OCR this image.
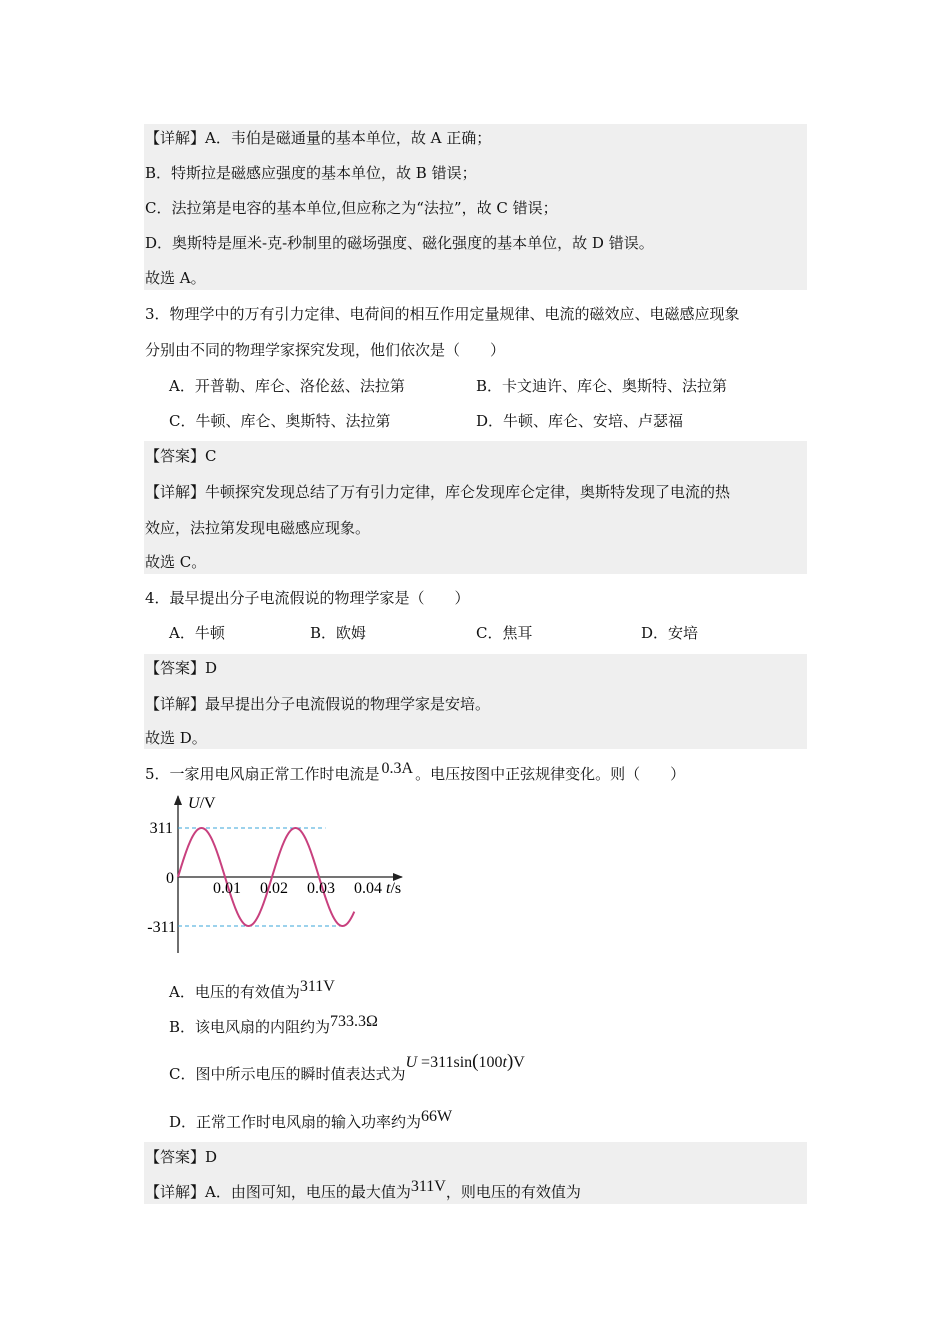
【详解】A．韦伯是磁通量的基本单位，故 A 正确；
B．特斯拉是磁感应强度的基本单位，故 B 错误；
C．法拉第是电容的基本单位,但应称之为“法拉”，故 C 错误；
D．奥斯特是厘米-克-秒制里的磁场强度、磁化强度的基本单位，故 D 错误。
故选 A。
3．物理学中的万有引力定律、电荷间的相互作用定量规律、电流的磁效应、电磁感应现象
分别由不同的物理学家探究发现，他们依次是（　　）
A．开普勒、库仑、洛伦兹、法拉第	B．卡文迪许、库仑、奥斯特、法拉第
C．牛顿、库仑、奥斯特、法拉第	D．牛顿、库仑、安培、卢瑟福
【答案】C
【详解】牛顿探究发现总结了万有引力定律，库仑发现库仑定律，奥斯特发现了电流的热
效应，法拉第发现电磁感应现象。
故选 C。
4．最早提出分子电流假说的物理学家是（　　）
A．牛顿	B．欧姆	C．焦耳	D．安培
【答案】D
【详解】最早提出分子电流假说的物理学家是安培。
故选 D。
5．一家用电风扇正常工作时电流是 0.3A 。电压按图中正弦规律变化。则（　　）
U/V
311
0
-311
0.01 0.02 0.03 0.04 t/s
A．电压的有效值为311V
B．该电风扇的内阻约为733.3Ω
C．图中所示电压的瞬时值表达式为U =311sin(100t)V
D．正常工作时电风扇的输入功率约为66W
【答案】D
【详解】A．由图可知，电压的最大值为311V，则电压的有效值为
